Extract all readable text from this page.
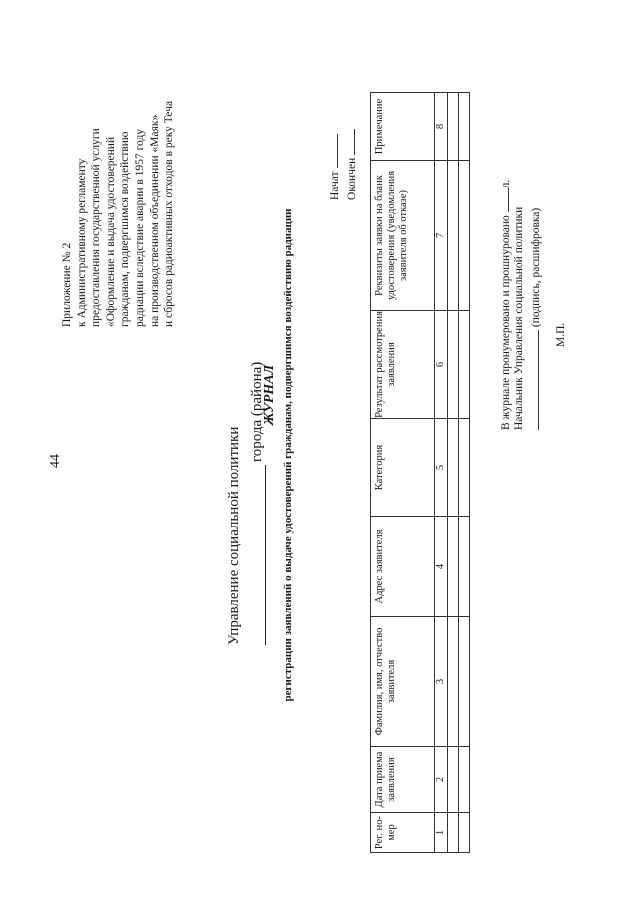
44
Приложение № 2 к Административному регламенту предоставления государственной услуги «Оформление и выдача удостоверений гражданам, подвергшимся воздействию радиации вследствие аварии в 1957 году на производственном объединении «Маяк» и сбросов радиоактивных отходов в реку Теча
Управление социальной политики
города (района)
ЖУРНАЛ регистрации заявлений о выдаче удостоверений гражданам, подвергшимся воздействию радиации
Начат Окончен
Рег. но- мер	Дата приема заявления	Фамилия, имя, отчество заявителя	Адрес заявителя	Категория	Результат рассмотрения заявления	Реквизиты заявки на бланк удостоверения (уведомления заявителя об отказе)	Примечание
1	2	3	4	5	6	7	8

В журнале пронумеровано и прошнуровано л.
Начальник Управления социальной политики (подпись, расшифровка)
М.П.
